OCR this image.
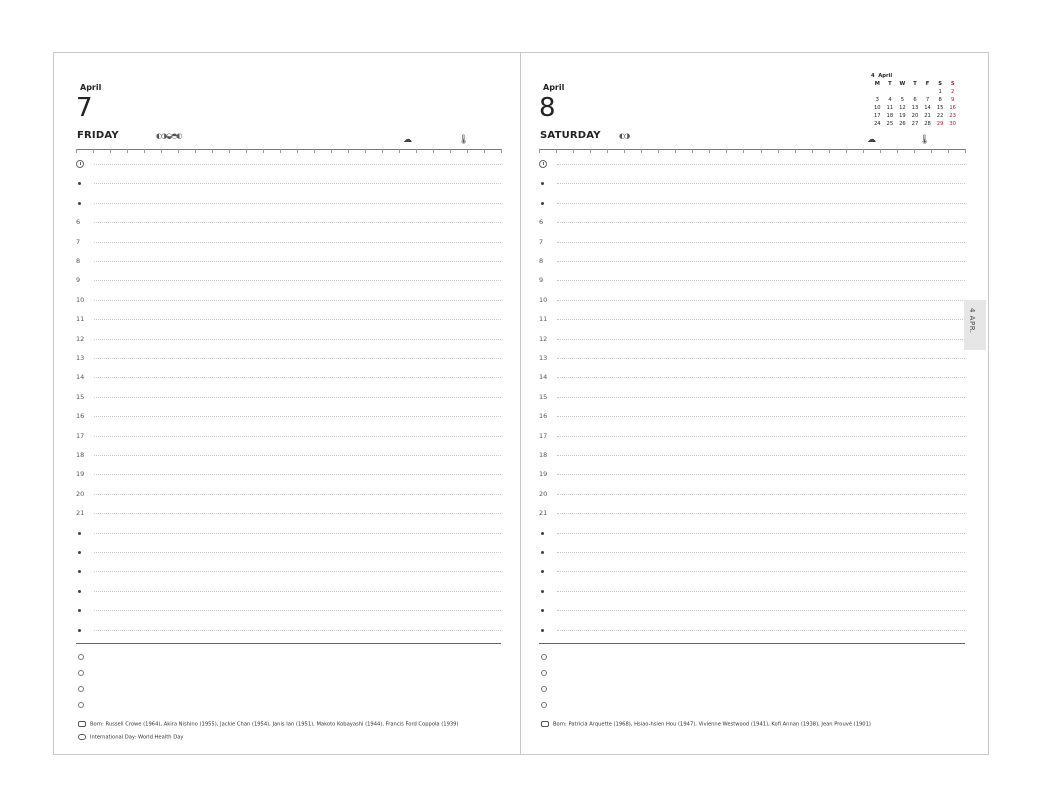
April
7
FRIDAY	◐◑◒◓◐	☁	🌡
6
7
8
9
10
11
12
13
14
15
16
17
18
19
20
21
Born: Russell Crowe (1964), Akira Nishino (1955), Jackie Chan (1954), Janis Ian (1951), Makoto Kobayashi (1944), Francis Ford Coppola (1939)
International Day: World Health Day
April
8
SATURDAY	◐◑	☁	🌡
4 April
M	T	W	T	F	S	S
					1	2
3	4	5	6	7	8	9
10	11	12	13	14	15	16
17	18	19	20	21	22	23
24	25	26	27	28	29	30
6
7
8
9
10
11
12
13
14
15
16
17
18
19
20
21
Born: Patricia Arquette (1968), Hsiao-hsien Hou (1947), Vivienne Westwood (1941), Kofi Annan (1938), Jean Prouvé (1901)
4 APR.
